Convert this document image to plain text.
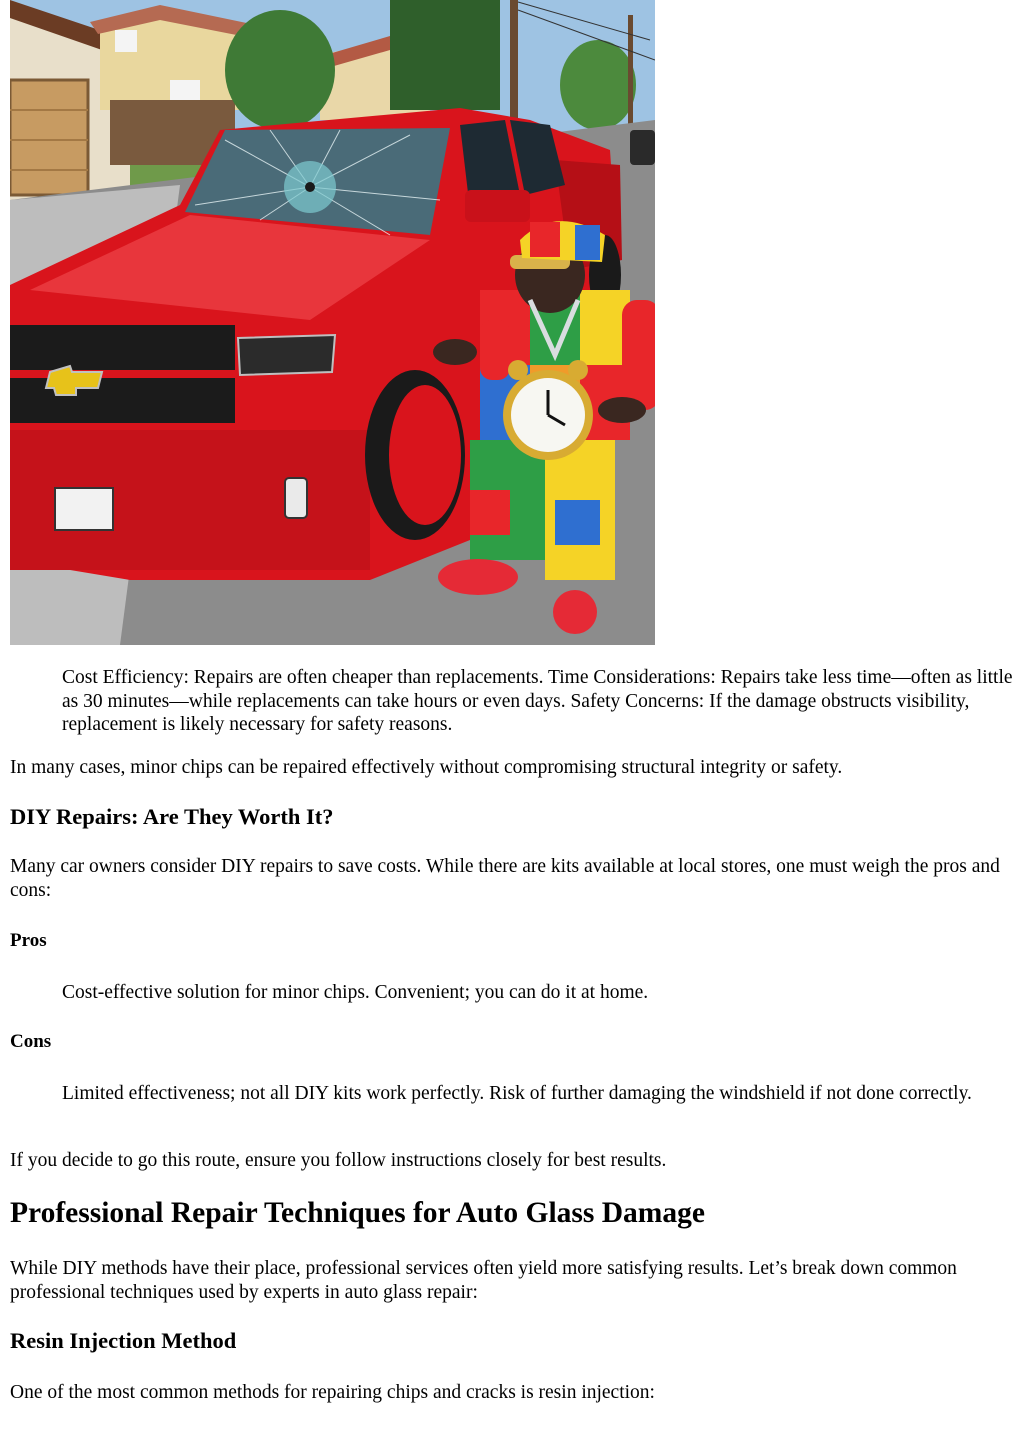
Cost Efficiency: Repairs are often cheaper than replacements. Time Considerations: Repairs take less time—often as little as 30 minutes—while replacements can take hours or even days. Safety Concerns: If the damage obstructs visibility, replacement is likely necessary for safety reasons.

In many cases, minor chips can be repaired effectively without compromising structural integrity or safety.

DIY Repairs: Are They Worth It?

Many car owners consider DIY repairs to save costs. While there are kits available at local stores, one must weigh the pros and cons:

Pros

Cost-effective solution for minor chips. Convenient; you can do it at home.

Cons

Limited effectiveness; not all DIY kits work perfectly. Risk of further damaging the windshield if not done correctly.

If you decide to go this route, ensure you follow instructions closely for best results.

Professional Repair Techniques for Auto Glass Damage

While DIY methods have their place, professional services often yield more satisfying results. Let’s break down common professional techniques used by experts in auto glass repair:

Resin Injection Method

One of the most common methods for repairing chips and cracks is resin injection:
